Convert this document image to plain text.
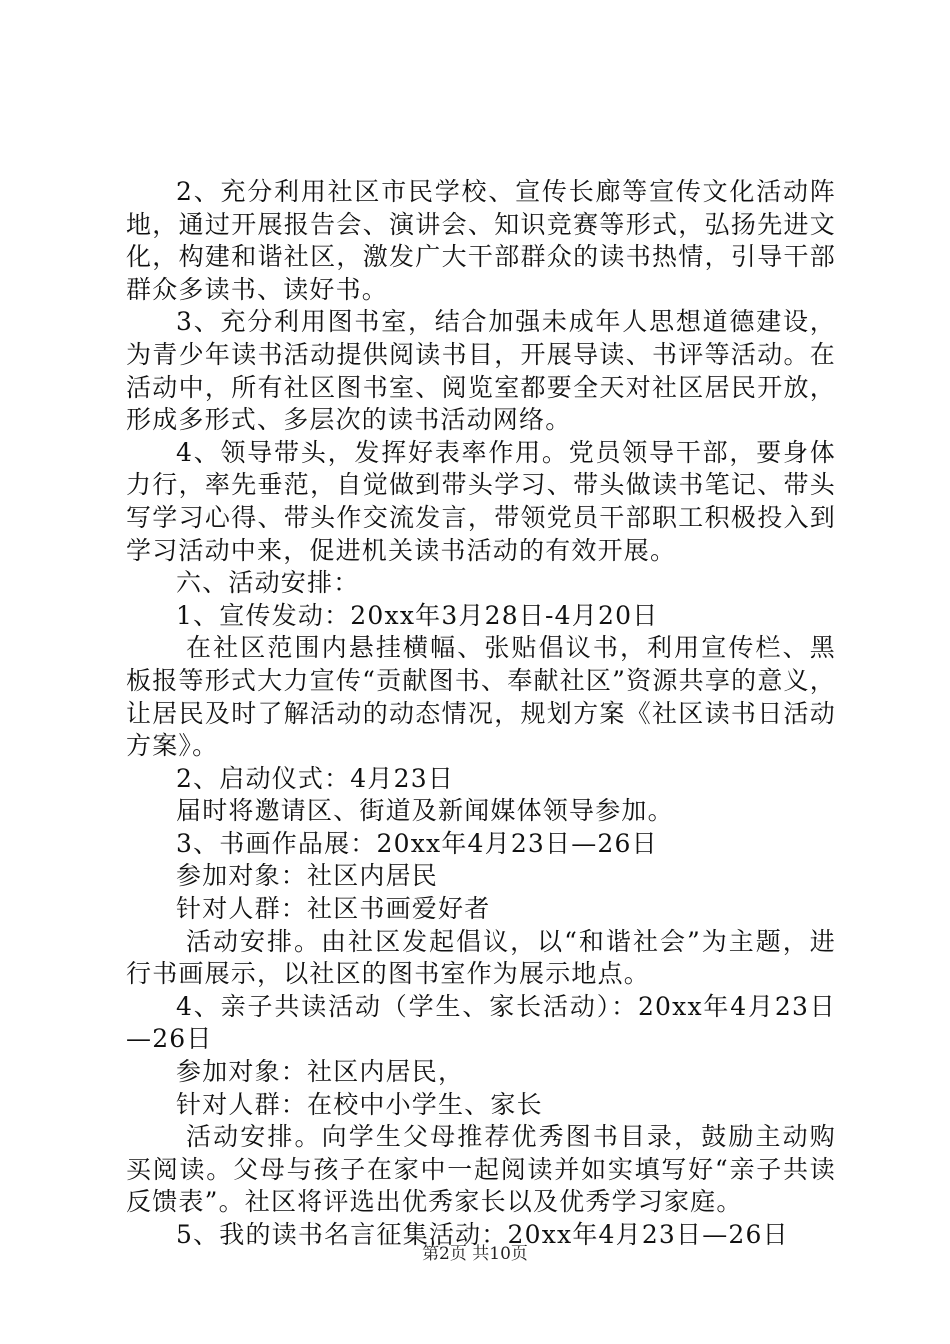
2、充分利用社区市民学校、宣传长廊等宣传文化活动阵地，通过开展报告会、演讲会、知识竞赛等形式，弘扬先进文化，构建和谐社区，激发广大干部群众的读书热情，引导干部群众多读书、读好书。

3、充分利用图书室，结合加强未成年人思想道德建设，为青少年读书活动提供阅读书目，开展导读、书评等活动。在活动中，所有社区图书室、阅览室都要全天对社区居民开放，形成多形式、多层次的读书活动网络。

4、领导带头，发挥好表率作用。党员领导干部，要身体力行，率先垂范，自觉做到带头学习、带头做读书笔记、带头写学习心得、带头作交流发言，带领党员干部职工积极投入到学习活动中来，促进机关读书活动的有效开展。

六、活动安排：

1、宣传发动：20xx年3月28日-4月20日

在社区范围内悬挂横幅、张贴倡议书，利用宣传栏、黑板报等形式大力宣传“贡献图书、奉献社区”资源共享的意义，让居民及时了解活动的动态情况，规划方案《社区读书日活动方案》。

2、启动仪式：4月23日

届时将邀请区、街道及新闻媒体领导参加。

3、书画作品展：20xx年4月23日—26日

参加对象：社区内居民

针对人群：社区书画爱好者

活动安排。由社区发起倡议，以“和谐社会”为主题，进行书画展示，以社区的图书室作为展示地点。

4、亲子共读活动（学生、家长活动）：20xx年4月23日—26日

参加对象：社区内居民，

针对人群：在校中小学生、家长

活动安排。向学生父母推荐优秀图书目录，鼓励主动购买阅读。父母与孩子在家中一起阅读并如实填写好“亲子共读反馈表”。社区将评选出优秀家长以及优秀学习家庭。

5、我的读书名言征集活动：20xx年4月23日—26日

第2页 共10页
